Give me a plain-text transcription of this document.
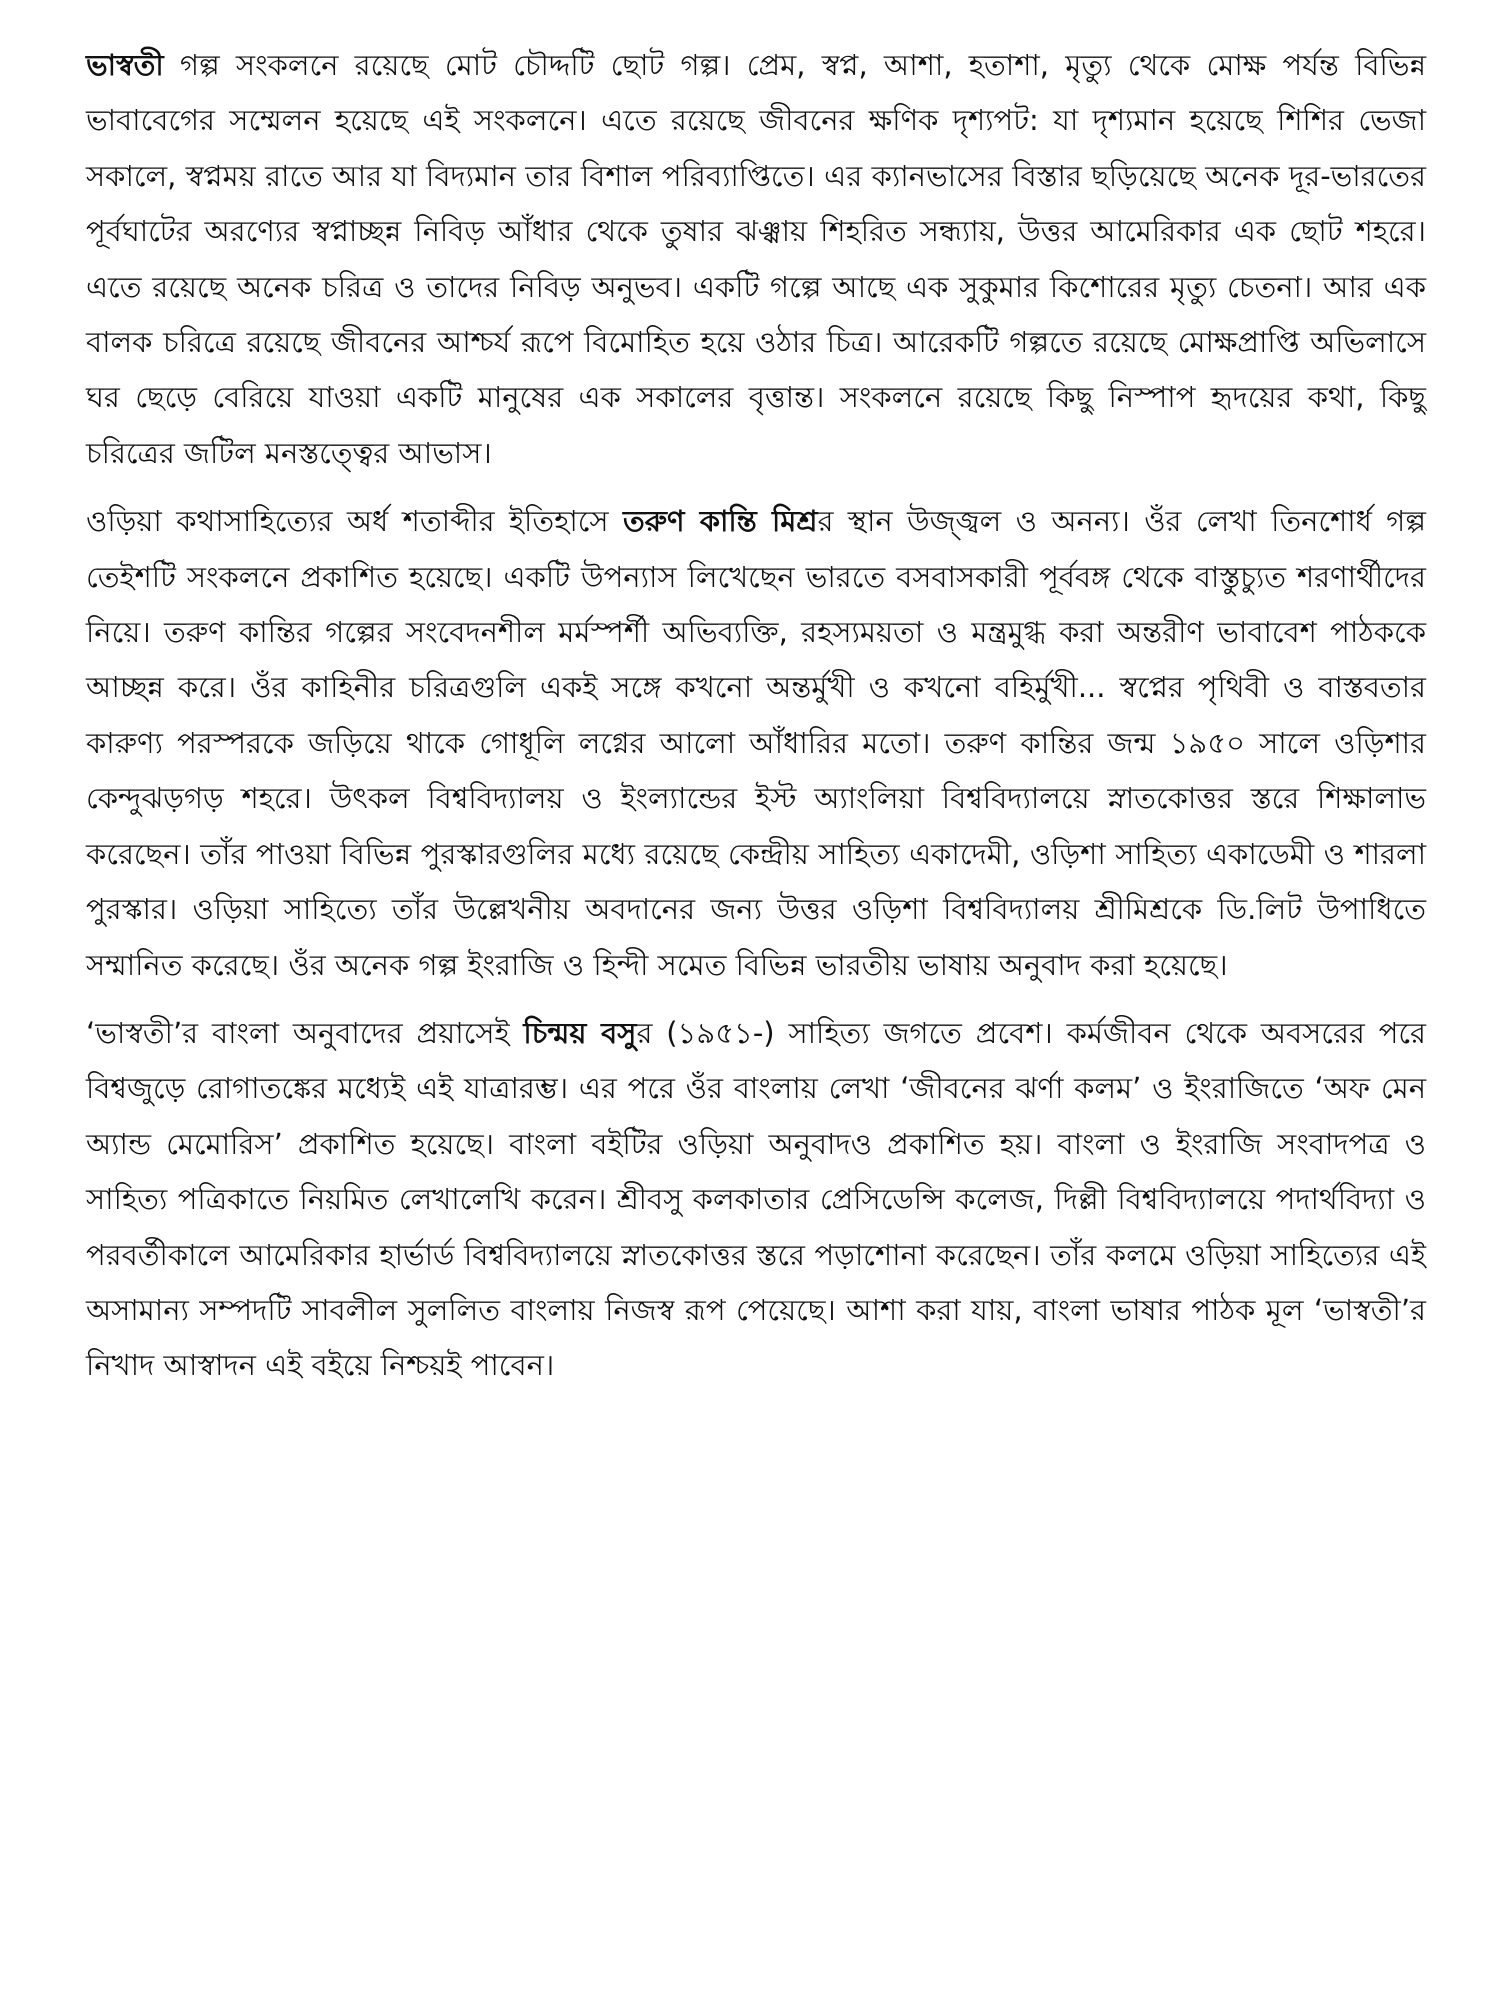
ভাস্বতী গল্প সংকলনে রয়েছে মোট চৌদ্দটি ছোট গল্প। প্রেম, স্বপ্ন, আশা, হতাশা, মৃত্যু থেকে মোক্ষ পর্যন্ত বিভিন্ন ভাবাবেগের সম্মেলন হয়েছে এই সংকলনে। এতে রয়েছে জীবনের ক্ষণিক দৃশ্যপট: যা দৃশ্যমান হয়েছে শিশির ভেজা সকালে, স্বপ্নময় রাতে আর যা বিদ্যমান তার বিশাল পরিব্যাপ্তিতে। এর ক্যানভাসের বিস্তার ছড়িয়েছে অনেক দূর-ভারতের পূর্বঘাটের অরণ্যের স্বপ্নাচ্ছন্ন নিবিড় আঁধার থেকে তুষার ঝঞ্ঝায় শিহরিত সন্ধ্যায়, উত্তর আমেরিকার এক ছোট শহরে। এতে রয়েছে অনেক চরিত্র ও তাদের নিবিড় অনুভব। একটি গল্পে আছে এক সুকুমার কিশোরের মৃত্যু চেতনা। আর এক বালক চরিত্রে রয়েছে জীবনের আশ্চর্য রূপে বিমোহিত হয়ে ওঠার চিত্র। আরেকটি গল্পতে রয়েছে মোক্ষপ্রাপ্তি অভিলাসে ঘর ছেড়ে বেরিয়ে যাওয়া একটি মানুষের এক সকালের বৃত্তান্ত। সংকলনে রয়েছে কিছু নিস্পাপ হৃদয়ের কথা, কিছু চরিত্রের জটিল মনস্তত্ত্বের আভাস।

ওড়িয়া কথাসাহিত্যের অর্ধ শতাব্দীর ইতিহাসে তরুণ কান্তি মিশ্রর স্থান উজ্জ্বল ও অনন্য। ওঁর লেখা তিনশোর্ধ গল্প তেইশটি সংকলনে প্রকাশিত হয়েছে। একটি উপন্যাস লিখেছেন ভারতে বসবাসকারী পূর্ববঙ্গ থেকে বাস্তুচ্যুত শরণার্থীদের নিয়ে। তরুণ কান্তির গল্পের সংবেদনশীল মর্মস্পর্শী অভিব্যক্তি, রহস্যময়তা ও মন্ত্রমুগ্ধ করা অন্তরীণ ভাবাবেশ পাঠককে আচ্ছন্ন করে। ওঁর কাহিনীর চরিত্রগুলি একই সঙ্গে কখনো অন্তর্মুখী ও কখনো বহির্মুখী... স্বপ্নের পৃথিবী ও বাস্তবতার কারুণ্য পরস্পরকে জড়িয়ে থাকে গোধূলি লগ্নের আলো আঁধারির মতো। তরুণ কান্তির জন্ম ১৯৫০ সালে ওড়িশার কেন্দুঝড়গড় শহরে। উৎকল বিশ্ববিদ্যালয় ও ইংল্যান্ডের ইস্ট অ্যাংলিয়া বিশ্ববিদ্যালয়ে স্নাতকোত্তর স্তরে শিক্ষালাভ করেছেন। তাঁর পাওয়া বিভিন্ন পুরস্কারগুলির মধ্যে রয়েছে কেন্দ্রীয় সাহিত্য একাদেমী, ওড়িশা সাহিত্য একাডেমী ও শারলা পুরস্কার। ওড়িয়া সাহিত্যে তাঁর উল্লেখনীয় অবদানের জন্য উত্তর ওড়িশা বিশ্ববিদ্যালয় শ্রীমিশ্রকে ডি.লিট উপাধিতে সম্মানিত করেছে। ওঁর অনেক গল্প ইংরাজি ও হিন্দী সমেত বিভিন্ন ভারতীয় ভাষায় অনুবাদ করা হয়েছে।

‘ভাস্বতী’র বাংলা অনুবাদের প্রয়াসেই চিন্ময় বসুর (১৯৫১-) সাহিত্য জগতে প্রবেশ। কর্মজীবন থেকে অবসরের পরে বিশ্বজুড়ে রোগাতঙ্কের মধ্যেই এই যাত্রারম্ভ। এর পরে ওঁর বাংলায় লেখা ‘জীবনের ঝর্ণা কলম’ ও ইংরাজিতে ‘অফ মেন অ্যান্ড মেমোরিস’ প্রকাশিত হয়েছে। বাংলা বইটির ওড়িয়া অনুবাদও প্রকাশিত হয়। বাংলা ও ইংরাজি সংবাদপত্র ও সাহিত্য পত্রিকাতে নিয়মিত লেখালেখি করেন। শ্রীবসু কলকাতার প্রেসিডেন্সি কলেজ, দিল্লী বিশ্ববিদ্যালয়ে পদার্থবিদ্যা ও পরবর্তীকালে আমেরিকার হার্ভার্ড বিশ্ববিদ্যালয়ে স্নাতকোত্তর স্তরে পড়াশোনা করেছেন। তাঁর কলমে ওড়িয়া সাহিত্যের এই অসামান্য সম্পদটি সাবলীল সুললিত বাংলায় নিজস্ব রূপ পেয়েছে। আশা করা যায়, বাংলা ভাষার পাঠক মূল ‘ভাস্বতী’র নিখাদ আস্বাদন এই বইয়ে নিশ্চয়ই পাবেন।
